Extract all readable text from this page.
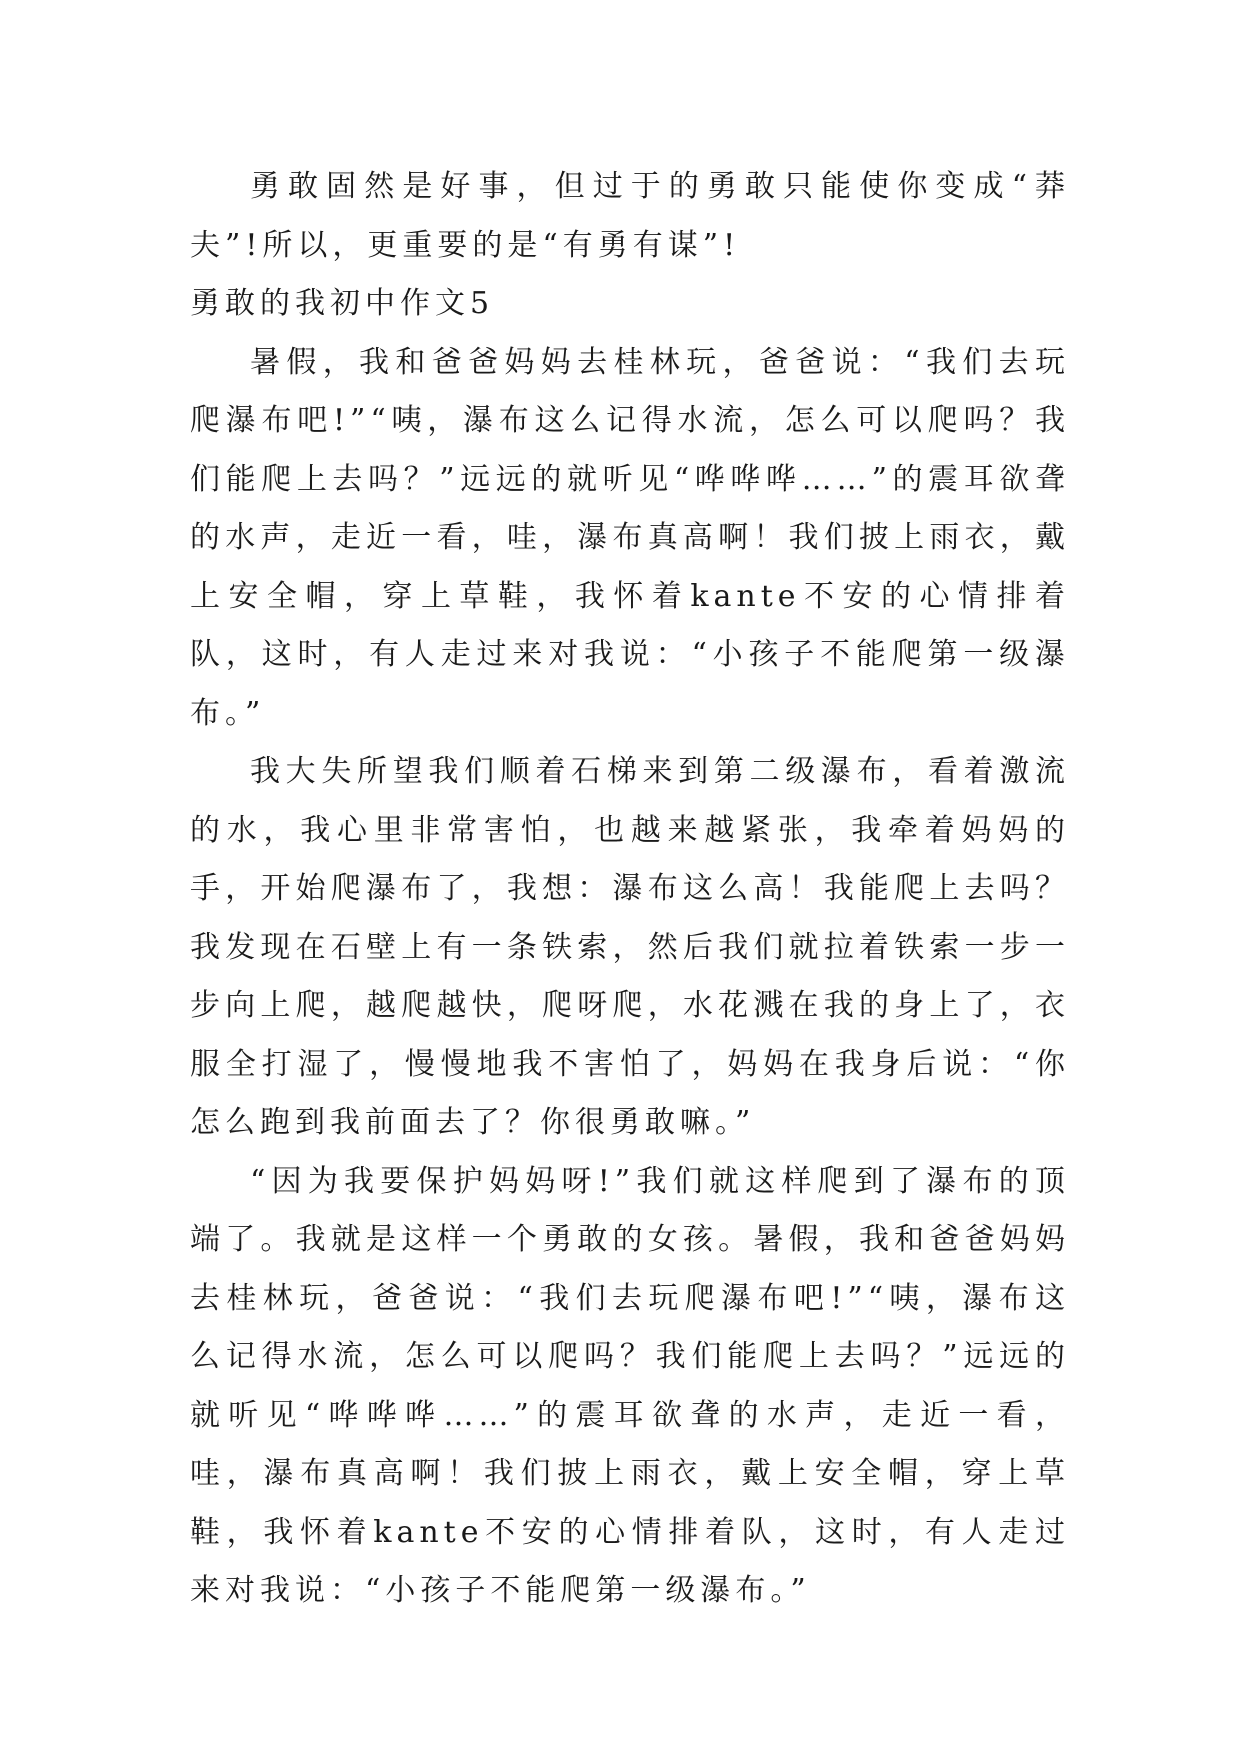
勇敢固然是好事，但过于的勇敢只能使你变成“莽夫”!所以，更重要的是“有勇有谋”!

勇敢的我初中作文5

暑假，我和爸爸妈妈去桂林玩，爸爸说：“我们去玩爬瀑布吧!”“咦，瀑布这么记得水流，怎么可以爬吗？我们能爬上去吗？”远远的就听见“哗哗哗……”的震耳欲聋的水声，走近一看，哇，瀑布真高啊！我们披上雨衣，戴上安全帽，穿上草鞋，我怀着kante不安的心情排着队，这时，有人走过来对我说：“小孩子不能爬第一级瀑布。”

我大失所望我们顺着石梯来到第二级瀑布，看着激流的水，我心里非常害怕，也越来越紧张，我牵着妈妈的手，开始爬瀑布了，我想：瀑布这么高！我能爬上去吗？我发现在石壁上有一条铁索，然后我们就拉着铁索一步一步向上爬，越爬越快，爬呀爬，水花溅在我的身上了，衣服全打湿了，慢慢地我不害怕了，妈妈在我身后说：“你怎么跑到我前面去了？你很勇敢嘛。”

“因为我要保护妈妈呀!”我们就这样爬到了瀑布的顶端了。我就是这样一个勇敢的女孩。暑假，我和爸爸妈妈去桂林玩，爸爸说：“我们去玩爬瀑布吧!”“咦，瀑布这么记得水流，怎么可以爬吗？我们能爬上去吗？”远远的就听见“哗哗哗……”的震耳欲聋的水声，走近一看，哇，瀑布真高啊！我们披上雨衣，戴上安全帽，穿上草鞋，我怀着kante不安的心情排着队，这时，有人走过来对我说：“小孩子不能爬第一级瀑布。”
